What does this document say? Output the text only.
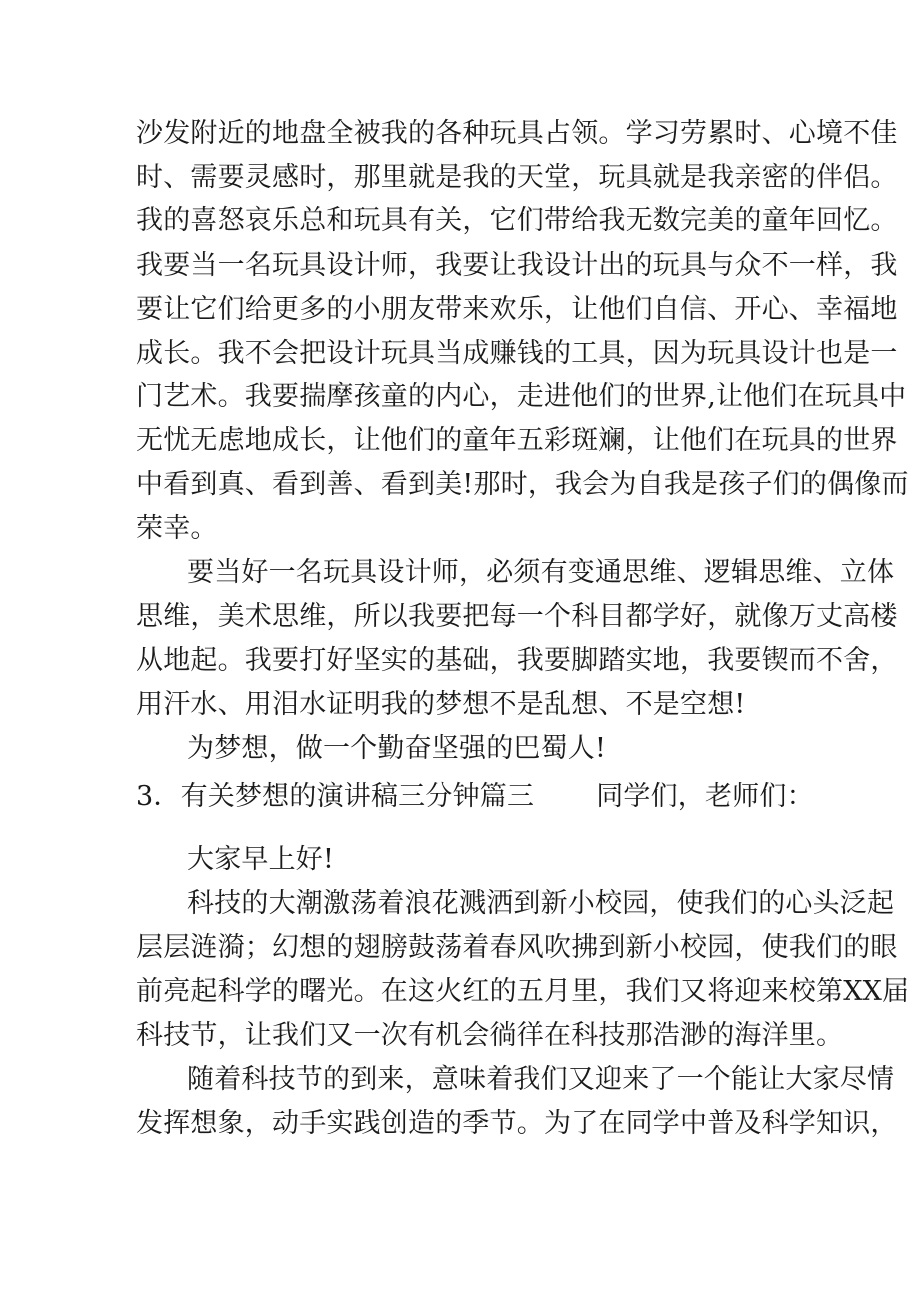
沙发附近的地盘全被我的各种玩具占领。学习劳累时、心境不佳
时、需要灵感时，那里就是我的天堂，玩具就是我亲密的伴侣。
我的喜怒哀乐总和玩具有关，它们带给我无数完美的童年回忆。
我要当一名玩具设计师，我要让我设计出的玩具与众不一样，我
要让它们给更多的小朋友带来欢乐，让他们自信、开心、幸福地
成长。我不会把设计玩具当成赚钱的工具，因为玩具设计也是一
门艺术。我要揣摩孩童的内心，走进他们的世界,让他们在玩具中
无忧无虑地成长，让他们的童年五彩斑斓，让他们在玩具的世界
中看到真、看到善、看到美!那时，我会为自我是孩子们的偶像而
荣幸。
要当好一名玩具设计师，必须有变通思维、逻辑思维、立体
思维，美术思维，所以我要把每一个科目都学好，就像万丈高楼
从地起。我要打好坚实的基础，我要脚踏实地，我要锲而不舍，
用汗水、用泪水证明我的梦想不是乱想、不是空想!
为梦想，做一个勤奋坚强的巴蜀人!
3．有关梦想的演讲稿三分钟篇三 同学们，老师们：
大家早上好!
科技的大潮激荡着浪花溅洒到新小校园，使我们的心头泛起
层层涟漪；幻想的翅膀鼓荡着春风吹拂到新小校园，使我们的眼
前亮起科学的曙光。在这火红的五月里，我们又将迎来校第XX届
科技节，让我们又一次有机会徜徉在科技那浩渺的海洋里。
随着科技节的到来，意味着我们又迎来了一个能让大家尽情
发挥想象，动手实践创造的季节。为了在同学中普及科学知识，
